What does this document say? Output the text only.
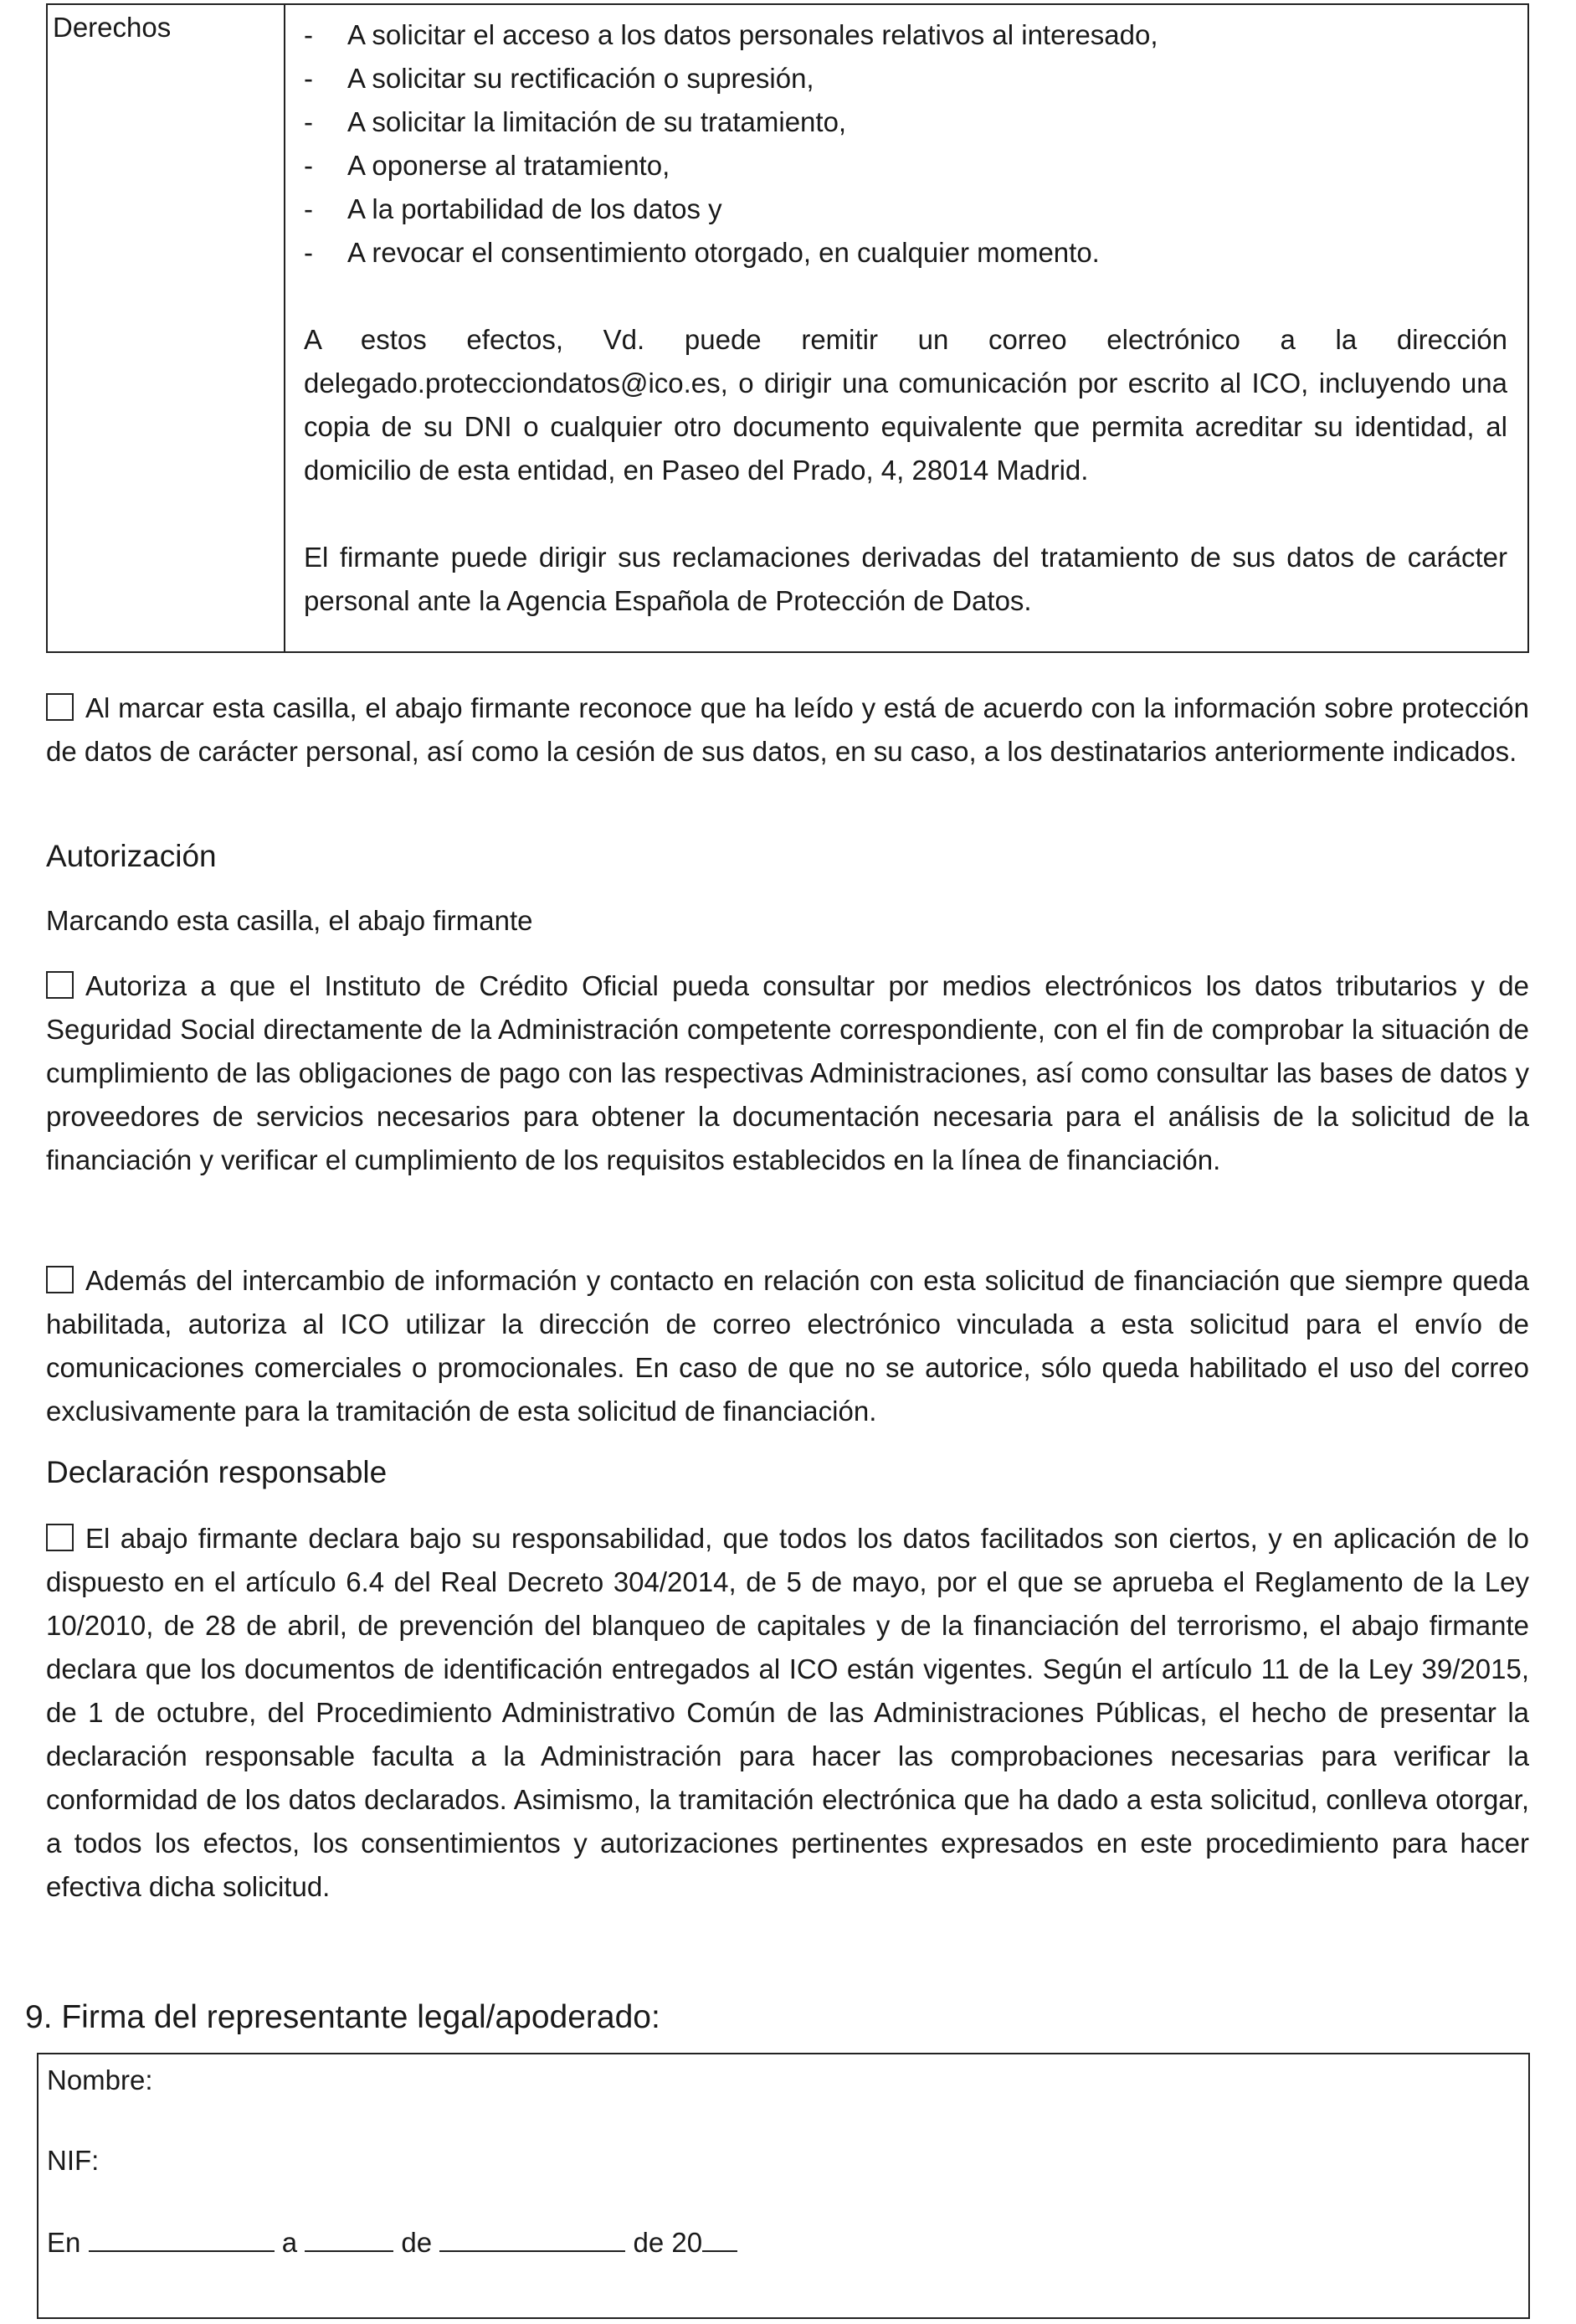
Derechos	-	A solicitar el acceso a los datos personales relativos al interesado,
-	A solicitar su rectificación o supresión,
-	A solicitar la limitación de su tratamiento,
-	A oponerse al tratamiento,
-	A la portabilidad de los datos y
-	A revocar el consentimiento otorgado, en cualquier momento.
A estos efectos, Vd. puede remitir un correo electrónico a la dirección delegado.protecciondatos@ico.es, o dirigir una comunicación por escrito al ICO, incluyendo una copia de su DNI o cualquier otro documento equivalente que permita acreditar su identidad, al domicilio de esta entidad, en Paseo del Prado, 4, 28014 Madrid.
El firmante puede dirigir sus reclamaciones derivadas del tratamiento de sus datos de carácter personal ante la Agencia Española de Protección de Datos.
Al marcar esta casilla, el abajo firmante reconoce que ha leído y está de acuerdo con la información sobre protección de datos de carácter personal, así como la cesión de sus datos, en su caso, a los destinatarios anteriormente indicados.
Autorización
Marcando esta casilla, el abajo firmante
Autoriza a que el Instituto de Crédito Oficial pueda consultar por medios electrónicos los datos tributarios y de Seguridad Social directamente de la Administración competente correspondiente, con el fin de comprobar la situación de cumplimiento de las obligaciones de pago con las respectivas Administraciones, así como consultar las bases de datos y proveedores de servicios necesarios para obtener la documentación necesaria para el análisis de la solicitud de la financiación y verificar el cumplimiento de los requisitos establecidos en la línea de financiación.
Además del intercambio de información y contacto en relación con esta solicitud de financiación que siempre queda habilitada, autoriza al ICO utilizar la dirección de correo electrónico vinculada a esta solicitud para el envío de comunicaciones comerciales o promocionales. En caso de que no se autorice, sólo queda habilitado el uso del correo exclusivamente para la tramitación de esta solicitud de financiación.
Declaración responsable
El abajo firmante declara bajo su responsabilidad, que todos los datos facilitados son ciertos, y en aplicación de lo dispuesto en el artículo 6.4 del Real Decreto 304/2014, de 5 de mayo, por el que se aprueba el Reglamento de la Ley 10/2010, de 28 de abril, de prevención del blanqueo de capitales y de la financiación del terrorismo, el abajo firmante declara que los documentos de identificación entregados al ICO están vigentes. Según el artículo 11 de la Ley 39/2015, de 1 de octubre, del Procedimiento Administrativo Común de las Administraciones Públicas, el hecho de presentar la declaración responsable faculta a la Administración para hacer las comprobaciones necesarias para verificar la conformidad de los datos declarados. Asimismo, la tramitación electrónica que ha dado a esta solicitud, conlleva otorgar, a todos los efectos, los consentimientos y autorizaciones pertinentes expresados en este procedimiento para hacer efectiva dicha solicitud.
9. Firma del representante legal/apoderado:
Nombre:
NIF:
En	a	de	de 20
